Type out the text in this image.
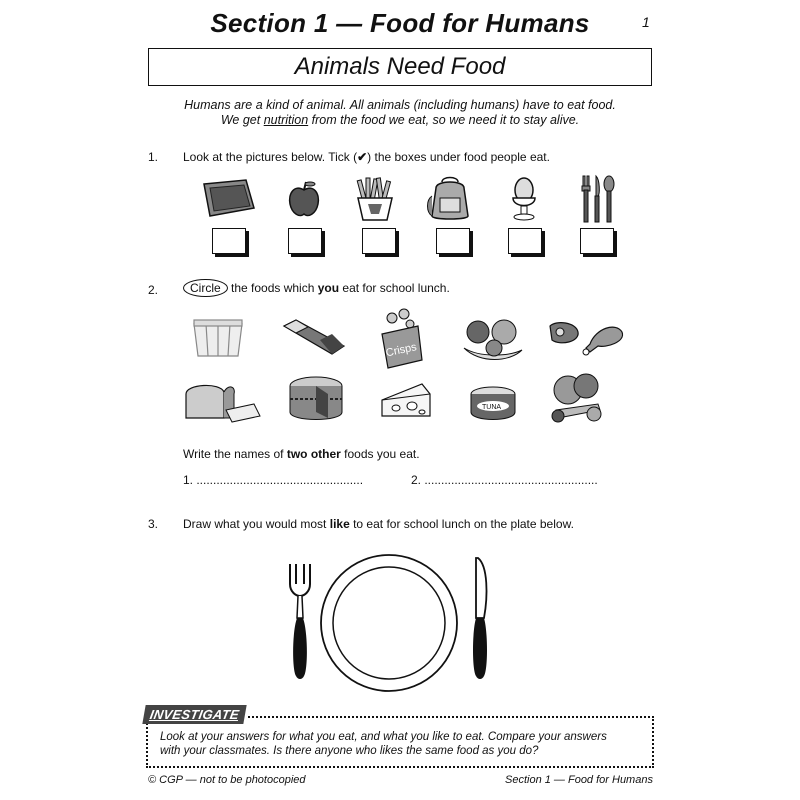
Section 1 — Food for Humans	1
Animals Need Food
Humans are a kind of animal. All animals (including humans) have to eat food.
We get nutrition from the food we eat, so we need it to stay alive.
1. Look at the pictures below. Tick (✔) the boxes under food people eat.
2.	Circle the foods which you eat for school lunch.
Crisps
TUNA
Write the names of two other foods you eat.
1. ..................................................	2. ....................................................
3. Draw what you would most like to eat for school lunch on the plate below.
INVESTIGATE
Look at your answers for what you eat, and what you like to eat. Compare your answers
with your classmates. Is there anyone who likes the same food as you do?
© CGP — not to be photocopied	Section 1 — Food for Humans
